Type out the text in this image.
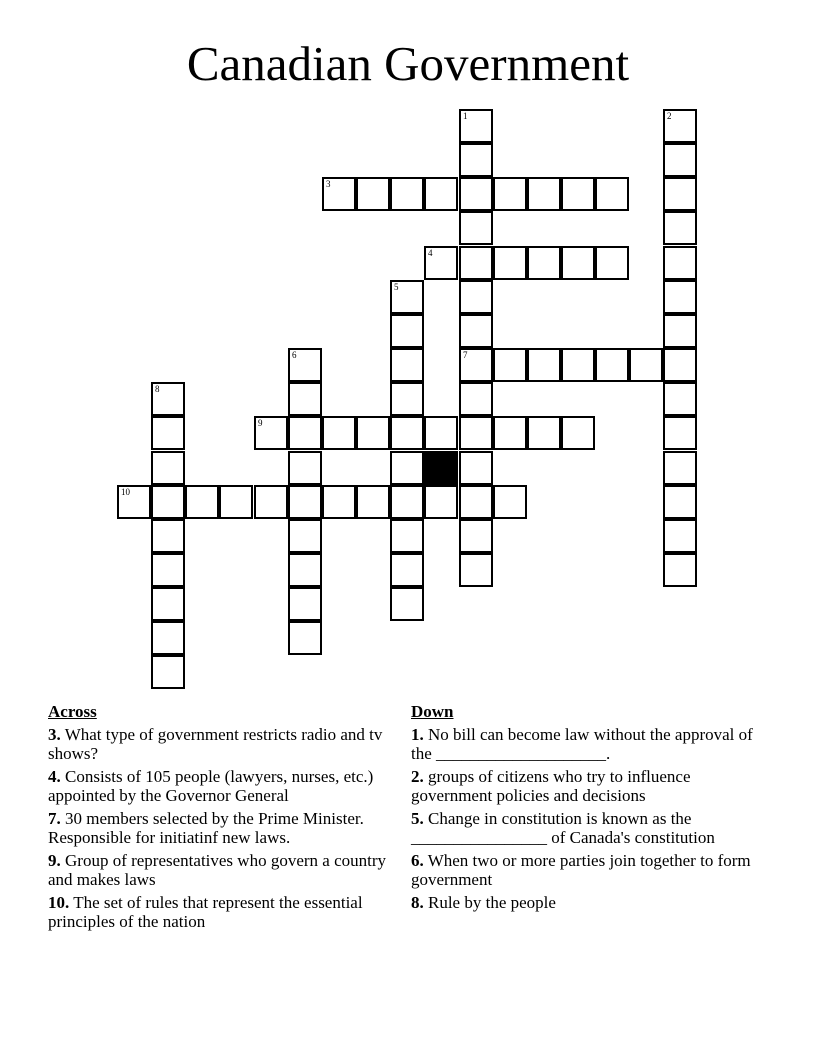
Canadian Government
1
7
2
3
4
5
6
8
9
10
Across
3. What type of government restricts radio and tv shows?
4. Consists of 105 people (lawyers, nurses, etc.) appointed by the Governor General
7. 30 members selected by the Prime Minister. Responsible for initiatinf new laws.
9. Group of representatives who govern a country and makes laws
10. The set of rules that represent the essential principles of the nation
Down
1. No bill can become law without the approval of the ____________________.
2. groups of citizens who try to influence government policies and decisions
5. Change in constitution is known as the ________________ of Canada's constitution
6. When two or more parties join together to form government
8. Rule by the people
